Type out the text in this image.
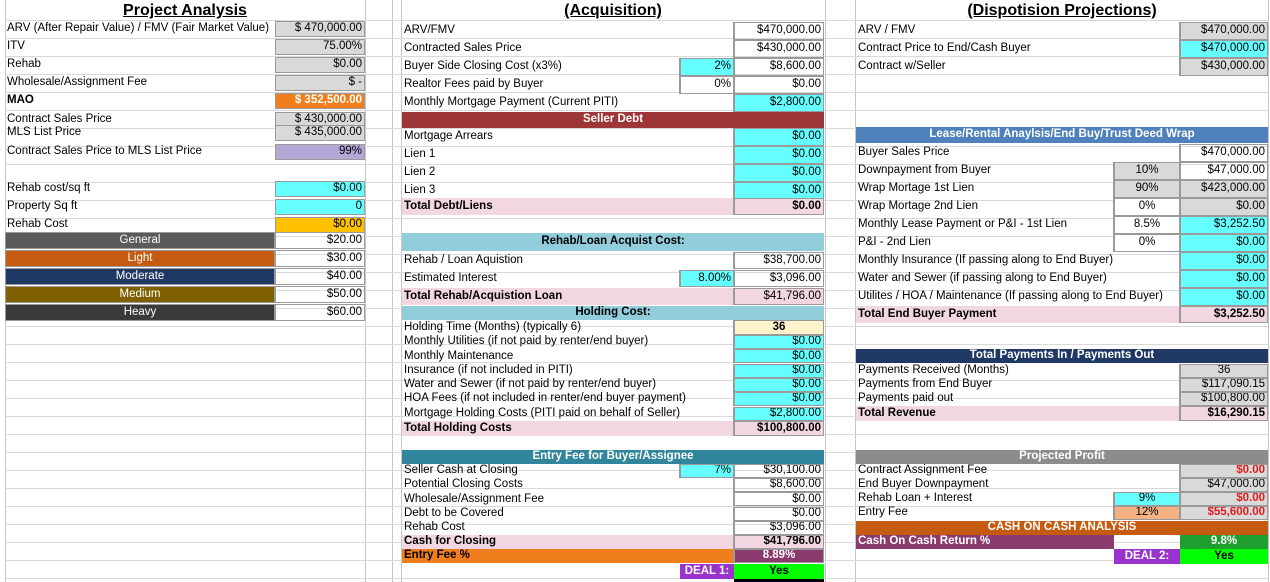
Project Analysis
ARV (After Repair Value) / FMV (Fair Market Value)	$ 470,000.00
ITV	75.00%
Rehab	$0.00
Wholesale/Assignment Fee	$ -
MAO	$ 352,500.00
Contract Sales Price	$ 430,000.00
MLS List Price	$ 435,000.00
Contract Sales Price to MLS List Price	99%
Rehab cost/sq ft	$0.00
Property Sq ft	0
Rehab Cost	$0.00
General	$20.00
Light	$30.00
Moderate	$40.00
Medium	$50.00
Heavy	$60.00
(Acquisition)
ARV/FMV	$470,000.00
Contracted Sales Price	$430,000.00
Buyer Side Closing Cost (x3%)	2%	$8,600.00
Realtor Fees paid by Buyer	0%	$0.00
Monthly Mortgage Payment (Current PITI)	$2,800.00
Seller Debt
Mortgage Arrears	$0.00
Lien 1	$0.00
Lien 2	$0.00
Lien 3	$0.00
Total Debt/Liens	$0.00
Rehab/Loan Acquist Cost:
Rehab / Loan Aquistion	$38,700.00
Estimated Interest	8.00%	$3,096.00
Total Rehab/Acquistion Loan	$41,796.00
Holding Cost:
Holding Time (Months) (typically 6)	36
Monthly Utilities (if not paid by renter/end buyer)	$0.00
Monthly Maintenance	$0.00
Insurance (if not included in PITI)	$0.00
Water and Sewer (if not paid by renter/end buyer)	$0.00
HOA Fees (if not included in renter/end buyer payment)	$0.00
Mortgage Holding Costs (PITI paid on behalf of Seller)	$2,800.00
Total Holding Costs	$100,800.00
Entry Fee for Buyer/Assignee
Seller Cash at Closing	7%	$30,100.00
Potential Closing Costs	$8,600.00
Wholesale/Assignment Fee	$0.00
Debt to be Covered	$0.00
Rehab Cost	$3,096.00
Cash for Closing	$41,796.00
Entry Fee %	8.89%
DEAL 1:	Yes
(Dispotision Projections)
ARV / FMV	$470,000.00
Contract Price to End/Cash Buyer	$470,000.00
Contract w/Seller	$430,000.00
Lease/Rental Anaylsis/End Buy/Trust Deed Wrap
Buyer Sales Price	$470,000.00
Downpayment from Buyer	10%	$47,000.00
Wrap Mortage 1st Lien	90%	$423,000.00
Wrap Mortage 2nd Lien	0%	$0.00
Monthly Lease Payment or P&I - 1st Lien	8.5%	$3,252.50
P&I - 2nd Lien	0%	$0.00
Monthly Insurance (If passing along to End Buyer)	$0.00
Water and Sewer (if passing along to End Buyer)	$0.00
Utilites / HOA / Maintenance (If passing along to End Buyer)	$0.00
Total End Buyer Payment	$3,252.50
Total Payments In / Payments Out
Payments Received (Months)	36
Payments from End Buyer	$117,090.15
Payments paid out	$100,800.00
Total Revenue	$16,290.15
Projected Profit
Contract Assignment Fee	$0.00
End Buyer Downpayment	$47,000.00
Rehab Loan + Interest	9%	$0.00
Entry Fee	12%	$55,600.00
CASH ON CASH ANALYSIS
Cash On Cash Return %	9.8%
DEAL 2:	Yes
